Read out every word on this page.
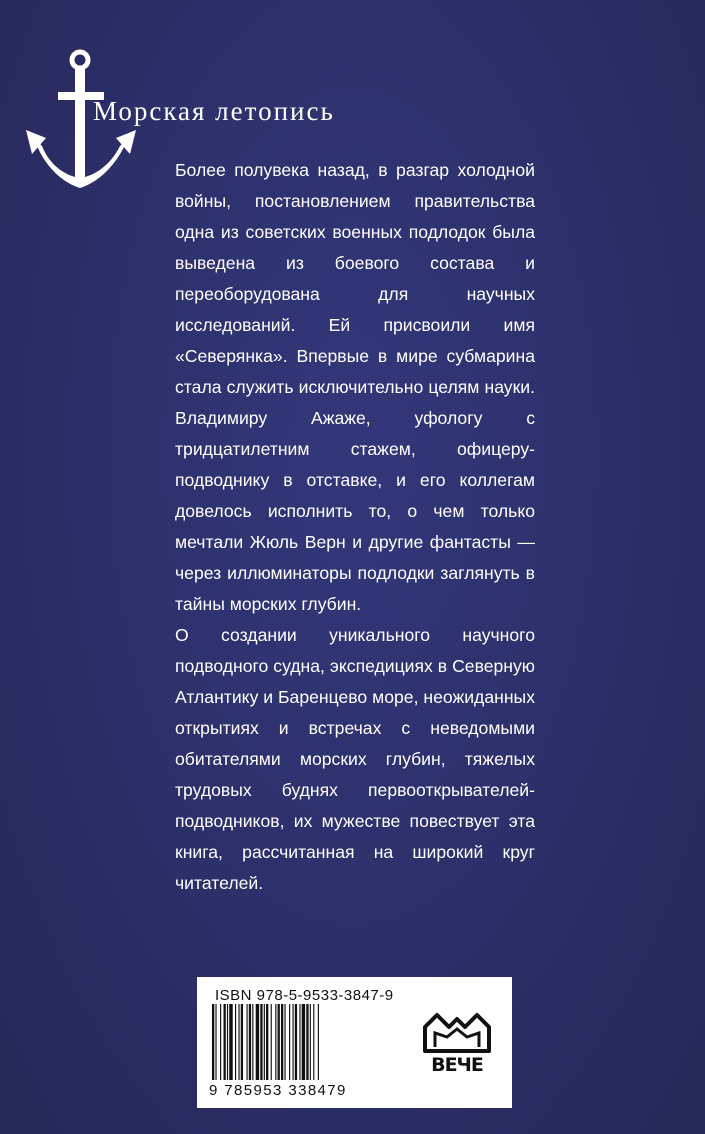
Морская летопись

Более полувека назад, в разгар холодной войны, постановлением правительства одна из советских военных подлодок была выведена из боевого состава и переоборудована для научных исследований. Ей присвоили имя «Северянка». Впервые в мире субмарина стала служить исключительно целям науки. Владимиру Ажаже, уфологу с тридцатилетним стажем, офицеру-подводнику в отставке, и его коллегам довелось исполнить то, о чем только мечтали Жюль Верн и другие фантасты — через иллюминаторы подлодки заглянуть в тайны морских глубин.

О создании уникального научного подводного судна, экспедициях в Северную Атлантику и Баренцево море, неожиданных открытиях и встречах с неведомыми обитателями морских глубин, тяжелых трудовых буднях первооткрывателей-подводников, их мужестве повествует эта книга, рассчитанная на широкий круг читателей.

ISBN 978-5-9533-3847-9
9 785953 338479
ВЕЧЕ
